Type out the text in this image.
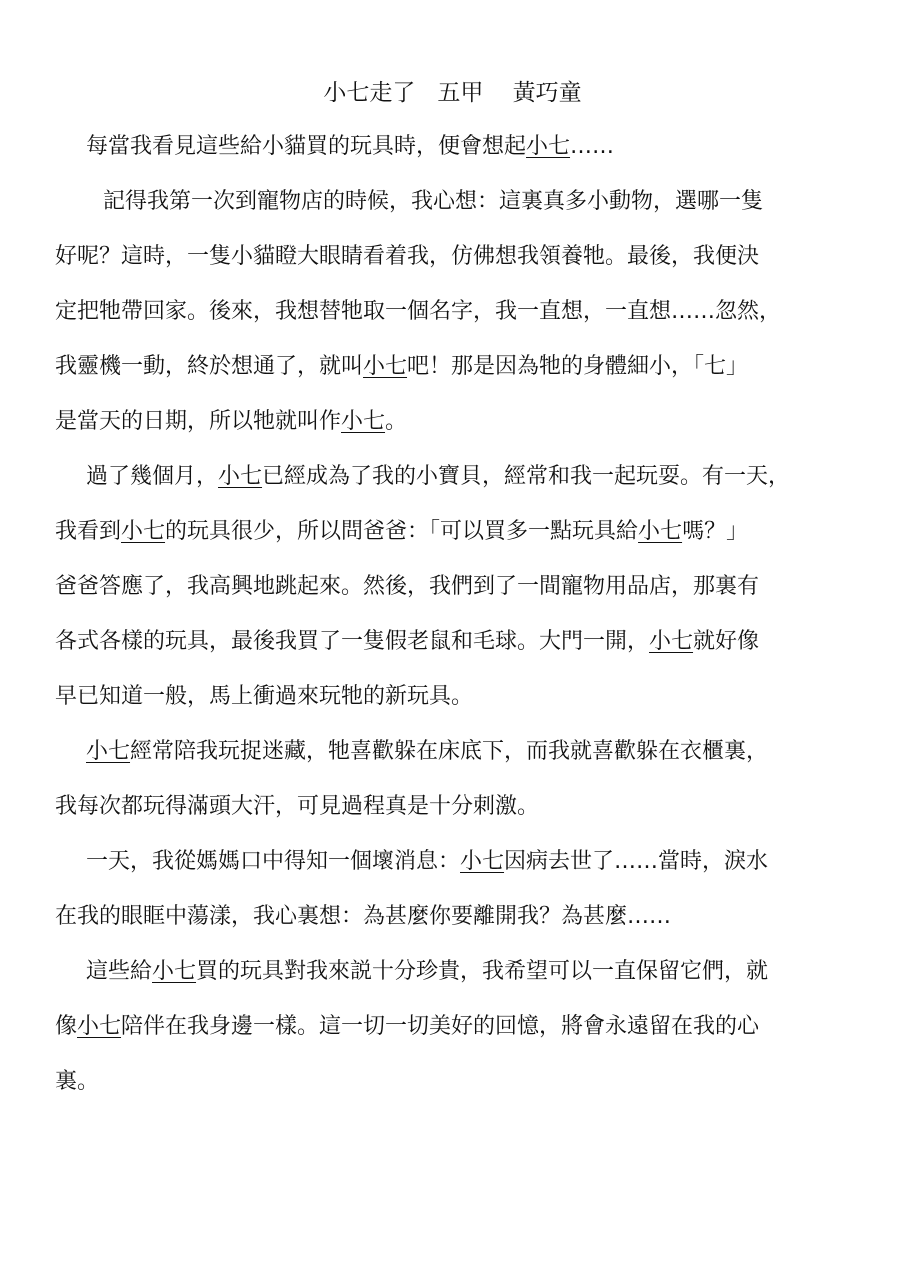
小七走了 五甲 黃巧童
每當我看見這些給小貓買的玩具時，便會想起小七……
記得我第一次到寵物店的時候，我心想：這裏真多小動物，選哪一隻
好呢？這時，一隻小貓瞪大眼睛看着我，仿佛想我領養牠。最後，我便決
定把牠帶回家。後來，我想替牠取一個名字，我一直想，一直想……忽然，
我靈機一動，終於想通了，就叫小七吧！那是因為牠的身體細小，「七」
是當天的日期，所以牠就叫作小七。
過了幾個月，小七已經成為了我的小寶貝，經常和我一起玩耍。有一天，
我看到小七的玩具很少，所以問爸爸：「可以買多一點玩具給小七嗎？」
爸爸答應了，我高興地跳起來。然後，我們到了一間寵物用品店，那裏有
各式各樣的玩具，最後我買了一隻假老鼠和毛球。大門一開，小七就好像
早已知道一般，馬上衝過來玩牠的新玩具。
小七經常陪我玩捉迷藏，牠喜歡躲在床底下，而我就喜歡躲在衣櫃裏，
我每次都玩得滿頭大汗，可見過程真是十分刺激。
一天，我從媽媽口中得知一個壞消息：小七因病去世了……當時，淚水
在我的眼眶中蕩漾，我心裏想：為甚麼你要離開我？為甚麼……
這些給小七買的玩具對我來説十分珍貴，我希望可以一直保留它們，就
像小七陪伴在我身邊一樣。這一切一切美好的回憶，將會永遠留在我的心
裏。
